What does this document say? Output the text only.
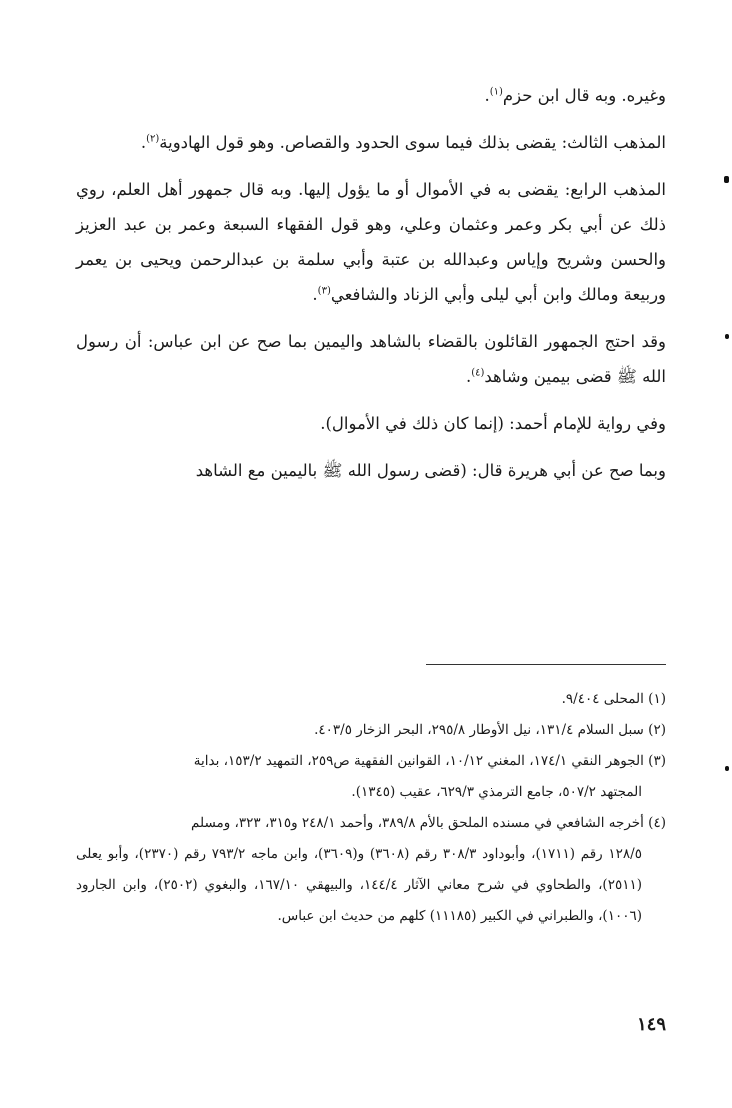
وغيره. وبه قال ابن حزم$^{(١)}$.

المذهب الثالث: يقضى بذلك فيما سوى الحدود والقصاص. وهو قول الهادوية$^{(٢)}$.

المذهب الرابع: يقضى به في الأموال أو ما يؤول إليها. وبه قال جمهور أهل العلم، روي ذلك عن أبي بكر وعمر وعثمان وعلي، وهو قول الفقهاء السبعة وعمر بن عبد العزيز والحسن وشريح وإياس وعبدالله بن عتبة وأبي سلمة بن عبدالرحمن ويحيى بن يعمر وربيعة ومالك وابن أبي ليلى وأبي الزناد والشافعي$^{(٣)}$.

وقد احتج الجمهور القائلون بالقضاء بالشاهد واليمين بما صح عن ابن عباس: أن رسول الله ﷺ قضى بيمين وشاهد$^{(٤)}$.

وفي رواية للإمام أحمد: (إنما كان ذلك في الأموال).

وبما صح عن أبي هريرة قال: (قضى رسول الله ﷺ باليمين مع الشاهد

(١) المحلى ٩/٤٠٤.

(٢) سبل السلام ١٣١/٤، نيل الأوطار ٢٩٥/٨، البحر الزخار ٤٠٣/٥.

(٣) الجوهر النقي ١٧٤/١، المغني ١٠/١٢، القوانين الفقهية ص٢٥٩، التمهيد ١٥٣/٢، بداية
المجتهد ٥٠٧/٢، جامع الترمذي ٦٢٩/٣، عقيب (١٣٤٥).

(٤) أخرجه الشافعي في مسنده الملحق بالأم ٣٨٩/٨، وأحمد ٢٤٨/١ و٣١٥، ٣٢٣، ومسلم
١٢٨/٥ رقم (١٧١١)، وأبوداود ٣٠٨/٣ رقم (٣٦٠٨) و(٣٦٠٩)، وابن ماجه ٧٩٣/٢ رقم (٢٣٧٠)، وأبو يعلى (٢٥١١)، والطحاوي في شرح معاني الآثار ١٤٤/٤، والبيهقي ١٦٧/١٠، والبغوي (٢٥٠٢)، وابن الجارود (١٠٠٦)، والطبراني في الكبير (١١١٨٥) كلهم من حديث ابن عباس.

١٤٩
